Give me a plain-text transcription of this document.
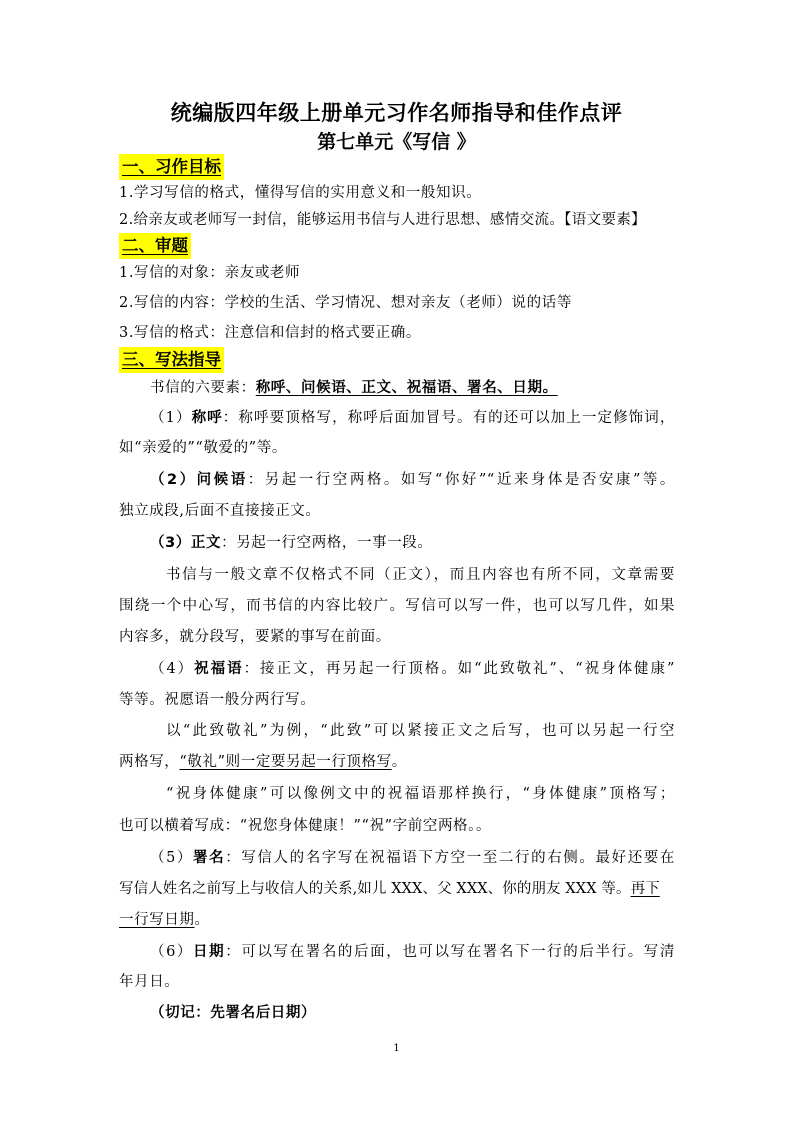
统编版四年级上册单元习作名师指导和佳作点评
第七单元《写信 》
一、习作目标
1.学习写信的格式，懂得写信的实用意义和一般知识。
2.给亲友或老师写一封信，能够运用书信与人进行思想、感情交流。【语文要素】
二、审题
1.写信的对象：亲友或老师
2.写信的内容：学校的生活、学习情况、想对亲友（老师）说的话等
3.写信的格式：注意信和信封的格式要正确。
三、写法指导
书信的六要素：称呼、问候语、正文、祝福语、署名、日期。
（1）称呼：称呼要顶格写，称呼后面加冒号。有的还可以加上一定修饰词，
如“亲爱的”“敬爱的”等。
（2）问候语：另起一行空两格。如写“你好”“近来身体是否安康”等。
独立成段,后面不直接接正文。
（3）正文：另起一行空两格，一事一段。
书信与一般文章不仅格式不同（正文），而且内容也有所不同，文章需要
围绕一个中心写，而书信的内容比较广。写信可以写一件，也可以写几件，如果
内容多，就分段写，要紧的事写在前面。
（4）祝福语：接正文，再另起一行顶格。如“此致敬礼”、“祝身体健康”
等等。祝愿语一般分两行写。
以“此致敬礼”为例，“此致”可以紧接正文之后写，也可以另起一行空
两格写，“敬礼”则一定要另起一行顶格写。
“祝身体健康”可以像例文中的祝福语那样换行，“身体健康”顶格写；
也可以横着写成：“祝您身体健康！”“祝”字前空两格。。
（5）署名：写信人的名字写在祝福语下方空一至二行的右侧。最好还要在
写信人姓名之前写上与收信人的关系,如儿 XXX、父 XXX、你的朋友 XXX 等。再下
一行写日期。
（6）日期：可以写在署名的后面，也可以写在署名下一行的后半行。写清
年月日。
（切记：先署名后日期）
1
